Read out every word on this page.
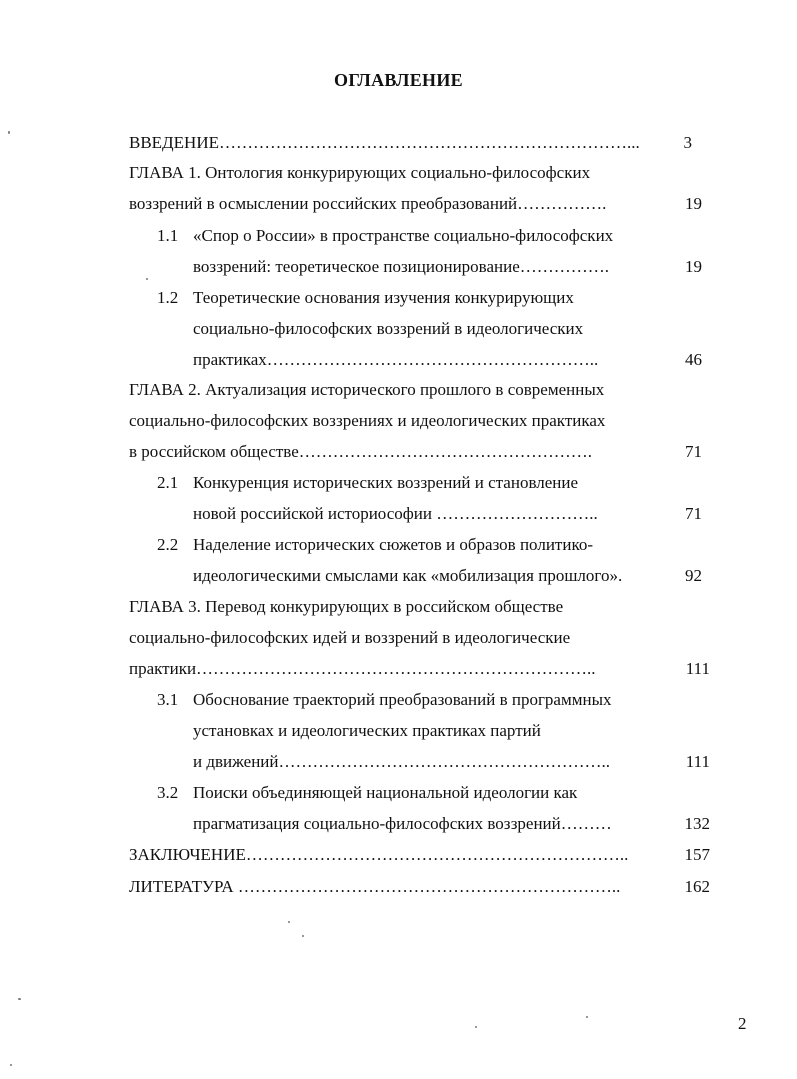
ОГЛАВЛЕНИЕ
ВВЕДЕНИЕ………………………………………………………………...	3
ГЛАВА 1. Онтология конкурирующих социально-философских
воззрений в осмыслении российских преобразований…………….	19
1.1 «Спор о России» в пространстве социально-философских
воззрений: теоретическое позиционирование…………….	19
1.2 Теоретические основания изучения конкурирующих
социально-философских воззрений в идеологических
практиках…………………………………………………..	46
ГЛАВА 2. Актуализация исторического прошлого в современных
социально-философских воззрениях и идеологических практиках
в российском обществе…………………………………………….	71
2.1 Конкуренция исторических воззрений и становление
новой российской историософии ………………………..	71
2.2 Наделение исторических сюжетов и образов политико-
идеологическими смыслами как «мобилизация прошлого».	92
ГЛАВА 3. Перевод конкурирующих в российском обществе
социально-философских идей и воззрений в идеологические
практики……………………………………………………………..	111
3.1 Обоснование траекторий преобразований в программных
установках и идеологических практиках партий
и движений…………………………………………………..	111
3.2 Поиски объединяющей национальной идеологии как
прагматизация социально-философских воззрений………	132
ЗАКЛЮЧЕНИЕ…………………………………………………………..	157
ЛИТЕРАТУРА …………………………………………………………..	162
2
